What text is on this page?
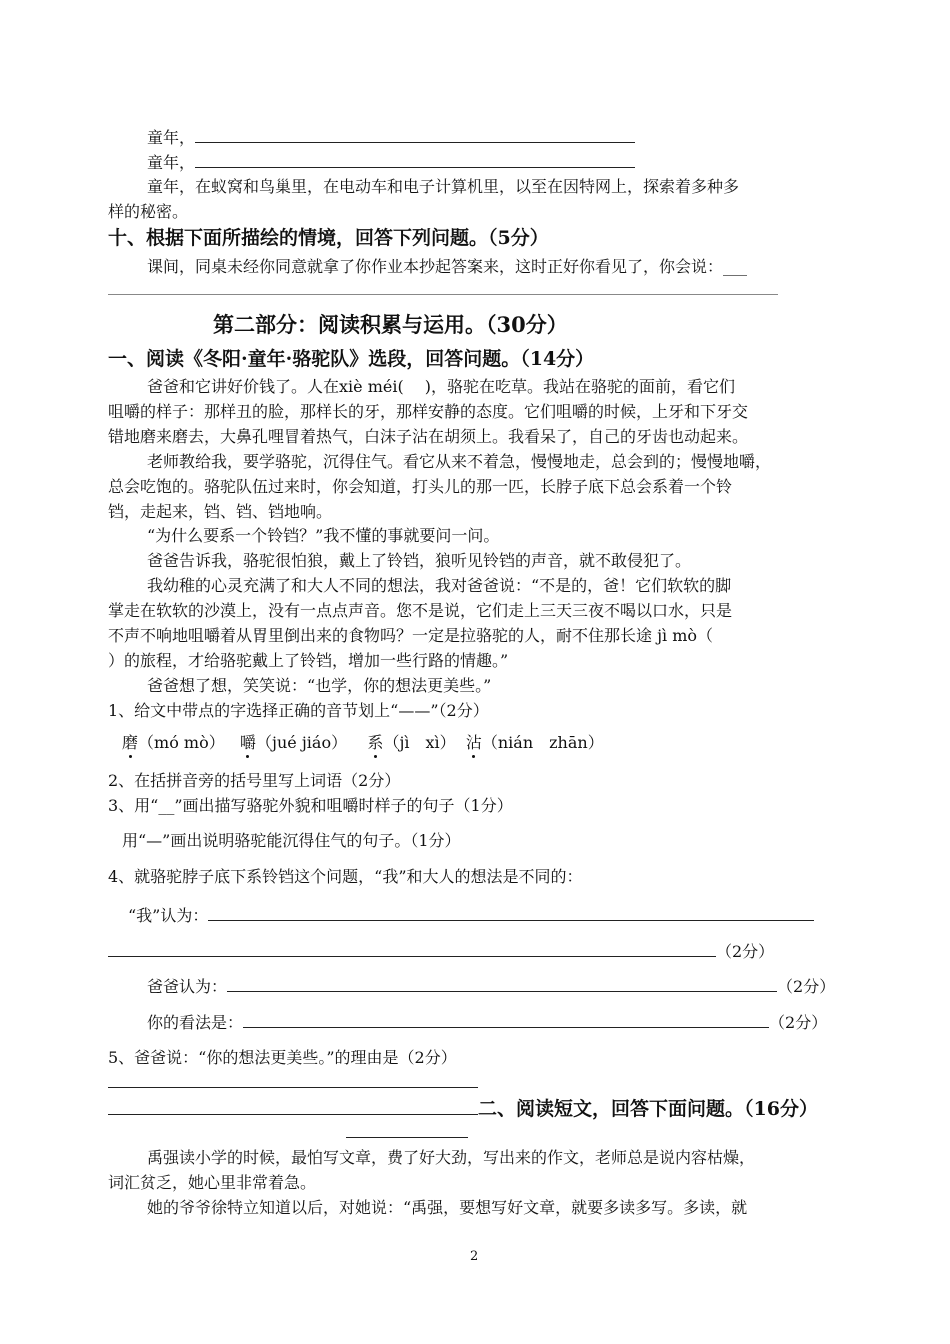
童年，
童年，
童年，在蚁窝和鸟巢里，在电动车和电子计算机里，以至在因特网上，探索着多种多
样的秘密。
十、根据下面所描绘的情境，回答下列问题。（5分）
课间，同桌未经你同意就拿了你作业本抄起答案来，这时正好你看见了，你会说：___
第二部分：阅读积累与运用。（30分）
一、阅读《冬阳·童年·骆驼队》选段，回答问题。（14分）
爸爸和它讲好价钱了。人在xiè méi(　 )，骆驼在吃草。我站在骆驼的面前，看它们
咀嚼的样子：那样丑的脸，那样长的牙，那样安静的态度。它们咀嚼的时候，上牙和下牙交
错地磨来磨去，大鼻孔哩冒着热气，白沫子沾在胡须上。我看呆了，自己的牙齿也动起来。
老师教给我，要学骆驼，沉得住气。看它从来不着急，慢慢地走，总会到的；慢慢地嚼，
总会吃饱的。骆驼队伍过来时，你会知道，打头儿的那一匹，长脖子底下总会系着一个铃
铛，走起来，铛、铛、铛地响。
“为什么要系一个铃铛？”我不懂的事就要问一问。
爸爸告诉我，骆驼很怕狼，戴上了铃铛，狼听见铃铛的声音，就不敢侵犯了。
我幼稚的心灵充满了和大人不同的想法，我对爸爸说：“不是的，爸！它们软软的脚
掌走在软软的沙漠上，没有一点点声音。您不是说，它们走上三天三夜不喝以口水，只是
不声不响地咀嚼着从胃里倒出来的食物吗？一定是拉骆驼的人，耐不住那长途 jì mò（
）的旅程，才给骆驼戴上了铃铛，增加一些行路的情趣。”
爸爸想了想，笑笑说：“也学，你的想法更美些。”
1、给文中带点的字选择正确的音节划上“——”（2分）
磨（mó mò） 嚼（jué jiáo） 系（jì　xì） 沾（nián　zhān）
2、在括拼音旁的括号里写上词语（2分）
3、用“__”画出描写骆驼外貌和咀嚼时样子的句子（1分）
用“—”画出说明骆驼能沉得住气的句子。（1分）
4、就骆驼脖子底下系铃铛这个问题，“我”和大人的想法是不同的：
“我”认为：
（2分）
爸爸认为：	（2分）
你的看法是：	（2分）
5、爸爸说：“你的想法更美些。”的理由是（2分）
二、阅读短文，回答下面问题。（16分）
禹强读小学的时候，最怕写文章，费了好大劲，写出来的作文，老师总是说内容枯燥，
词汇贫乏，她心里非常着急。
她的爷爷徐特立知道以后，对她说：“禹强，要想写好文章，就要多读多写。多读，就
2
